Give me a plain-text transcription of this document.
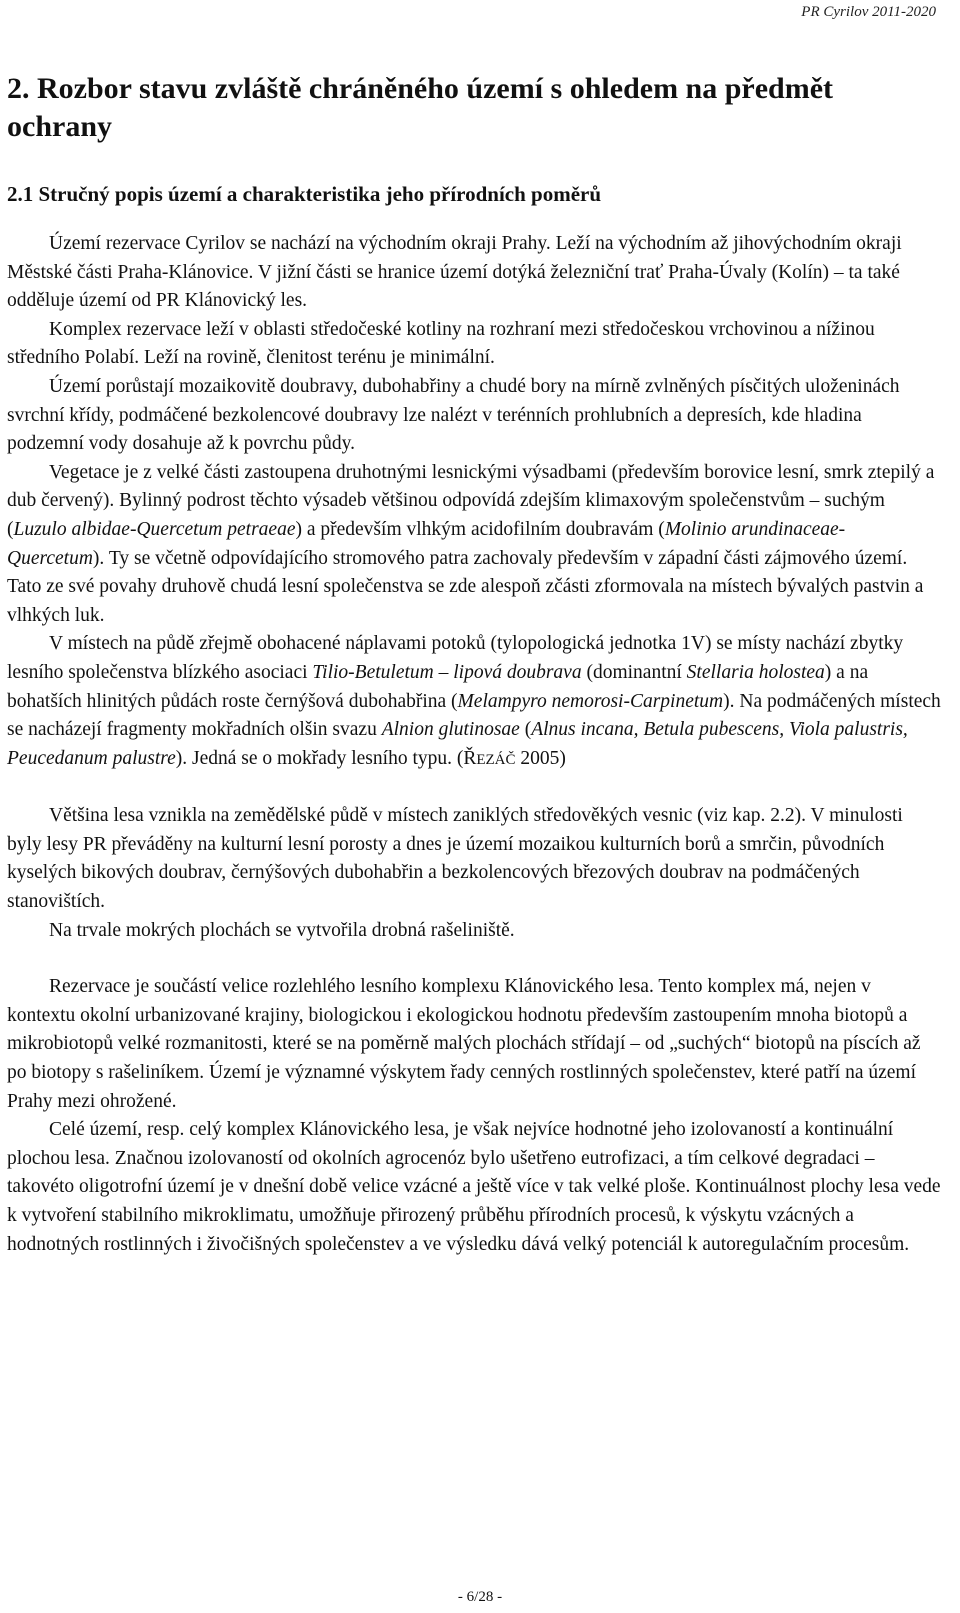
PR Cyrilov 2011-2020
2. Rozbor stavu zvláště chráněného území s ohledem na předmět ochrany
2.1 Stručný popis území a charakteristika jeho přírodních poměrů

Území rezervace Cyrilov se nachází na východním okraji Prahy. Leží na východním až jihovýchodním okraji Městské části Praha-Klánovice. V jižní části se hranice území dotýká železniční trať Praha-Úvaly (Kolín) – ta také odděluje území od PR Klánovický les.

Komplex rezervace leží v oblasti středočeské kotliny na rozhraní mezi středočeskou vrchovinou a nížinou středního Polabí. Leží na rovině, členitost terénu je minimální.

Území porůstají mozaikovitě doubravy, dubohabřiny a chudé bory na mírně zvlněných písčitých uloženinách svrchní křídy, podmáčené bezkolencové doubravy lze nalézt v terénních prohlubních a depresích, kde hladina podzemní vody dosahuje až k povrchu půdy.

Vegetace je z velké části zastoupena druhotnými lesnickými výsadbami (především borovice lesní, smrk ztepilý a dub červený). Bylinný podrost těchto výsadeb většinou odpovídá zdejším klimaxovým společenstvům – suchým (Luzulo albidae-Quercetum petraeae) a především vlhkým acidofilním doubravám (Molinio arundinaceae-Quercetum). Ty se včetně odpovídajícího stromového patra zachovaly především v západní části zájmového území. Tato ze své povahy druhově chudá lesní společenstva se zde alespoň zčásti zformovala na místech bývalých pastvin a vlhkých luk.

V místech na půdě zřejmě obohacené náplavami potoků (tylopologická jednotka 1V) se místy nachází zbytky lesního společenstva blízkého asociaci Tilio-Betuletum – lipová doubrava (dominantní Stellaria holostea) a na bohatších hlinitých půdách roste černýšová dubohabřina (Melampyro nemorosi-Carpinetum). Na podmáčených místech se nacházejí fragmenty mokřadních olšin svazu Alnion glutinosae (Alnus incana, Betula pubescens, Viola palustris, Peucedanum palustre). Jedná se o mokřady lesního typu. (ŘEZÁČ 2005)

Většina lesa vznikla na zemědělské půdě v místech zaniklých středověkých vesnic (viz kap. 2.2). V minulosti byly lesy PR převáděny na kulturní lesní porosty a dnes je území mozaikou kulturních borů a smrčin, původních kyselých bikových doubrav, černýšových dubohabřin a bezkolencových březových doubrav na podmáčených stanovištích.

Na trvale mokrých plochách se vytvořila drobná rašeliniště.

Rezervace je součástí velice rozlehlého lesního komplexu Klánovického lesa. Tento komplex má, nejen v kontextu okolní urbanizované krajiny, biologickou i ekologickou hodnotu především zastoupením mnoha biotopů a mikrobiotopů velké rozmanitosti, které se na poměrně malých plochách střídají – od „suchých“ biotopů na píscích až po biotopy s rašeliníkem. Území je významné výskytem řady cenných rostlinných společenstev, které patří na území Prahy mezi ohrožené.

Celé území, resp. celý komplex Klánovického lesa, je však nejvíce hodnotné jeho izolovaností a kontinuální plochou lesa. Značnou izolovaností od okolních agrocenóz bylo ušetřeno eutrofizaci, a tím celkové degradaci – takovéto oligotrofní území je v dnešní době velice vzácné a ještě více v tak velké ploše. Kontinuálnost plochy lesa vede k vytvoření stabilního mikroklimatu, umožňuje přirozený průběhu přírodních procesů, k výskytu vzácných a hodnotných rostlinných i živočišných společenstev a ve výsledku dává velký potenciál k autoregulačním procesům.

- 6/28 -
